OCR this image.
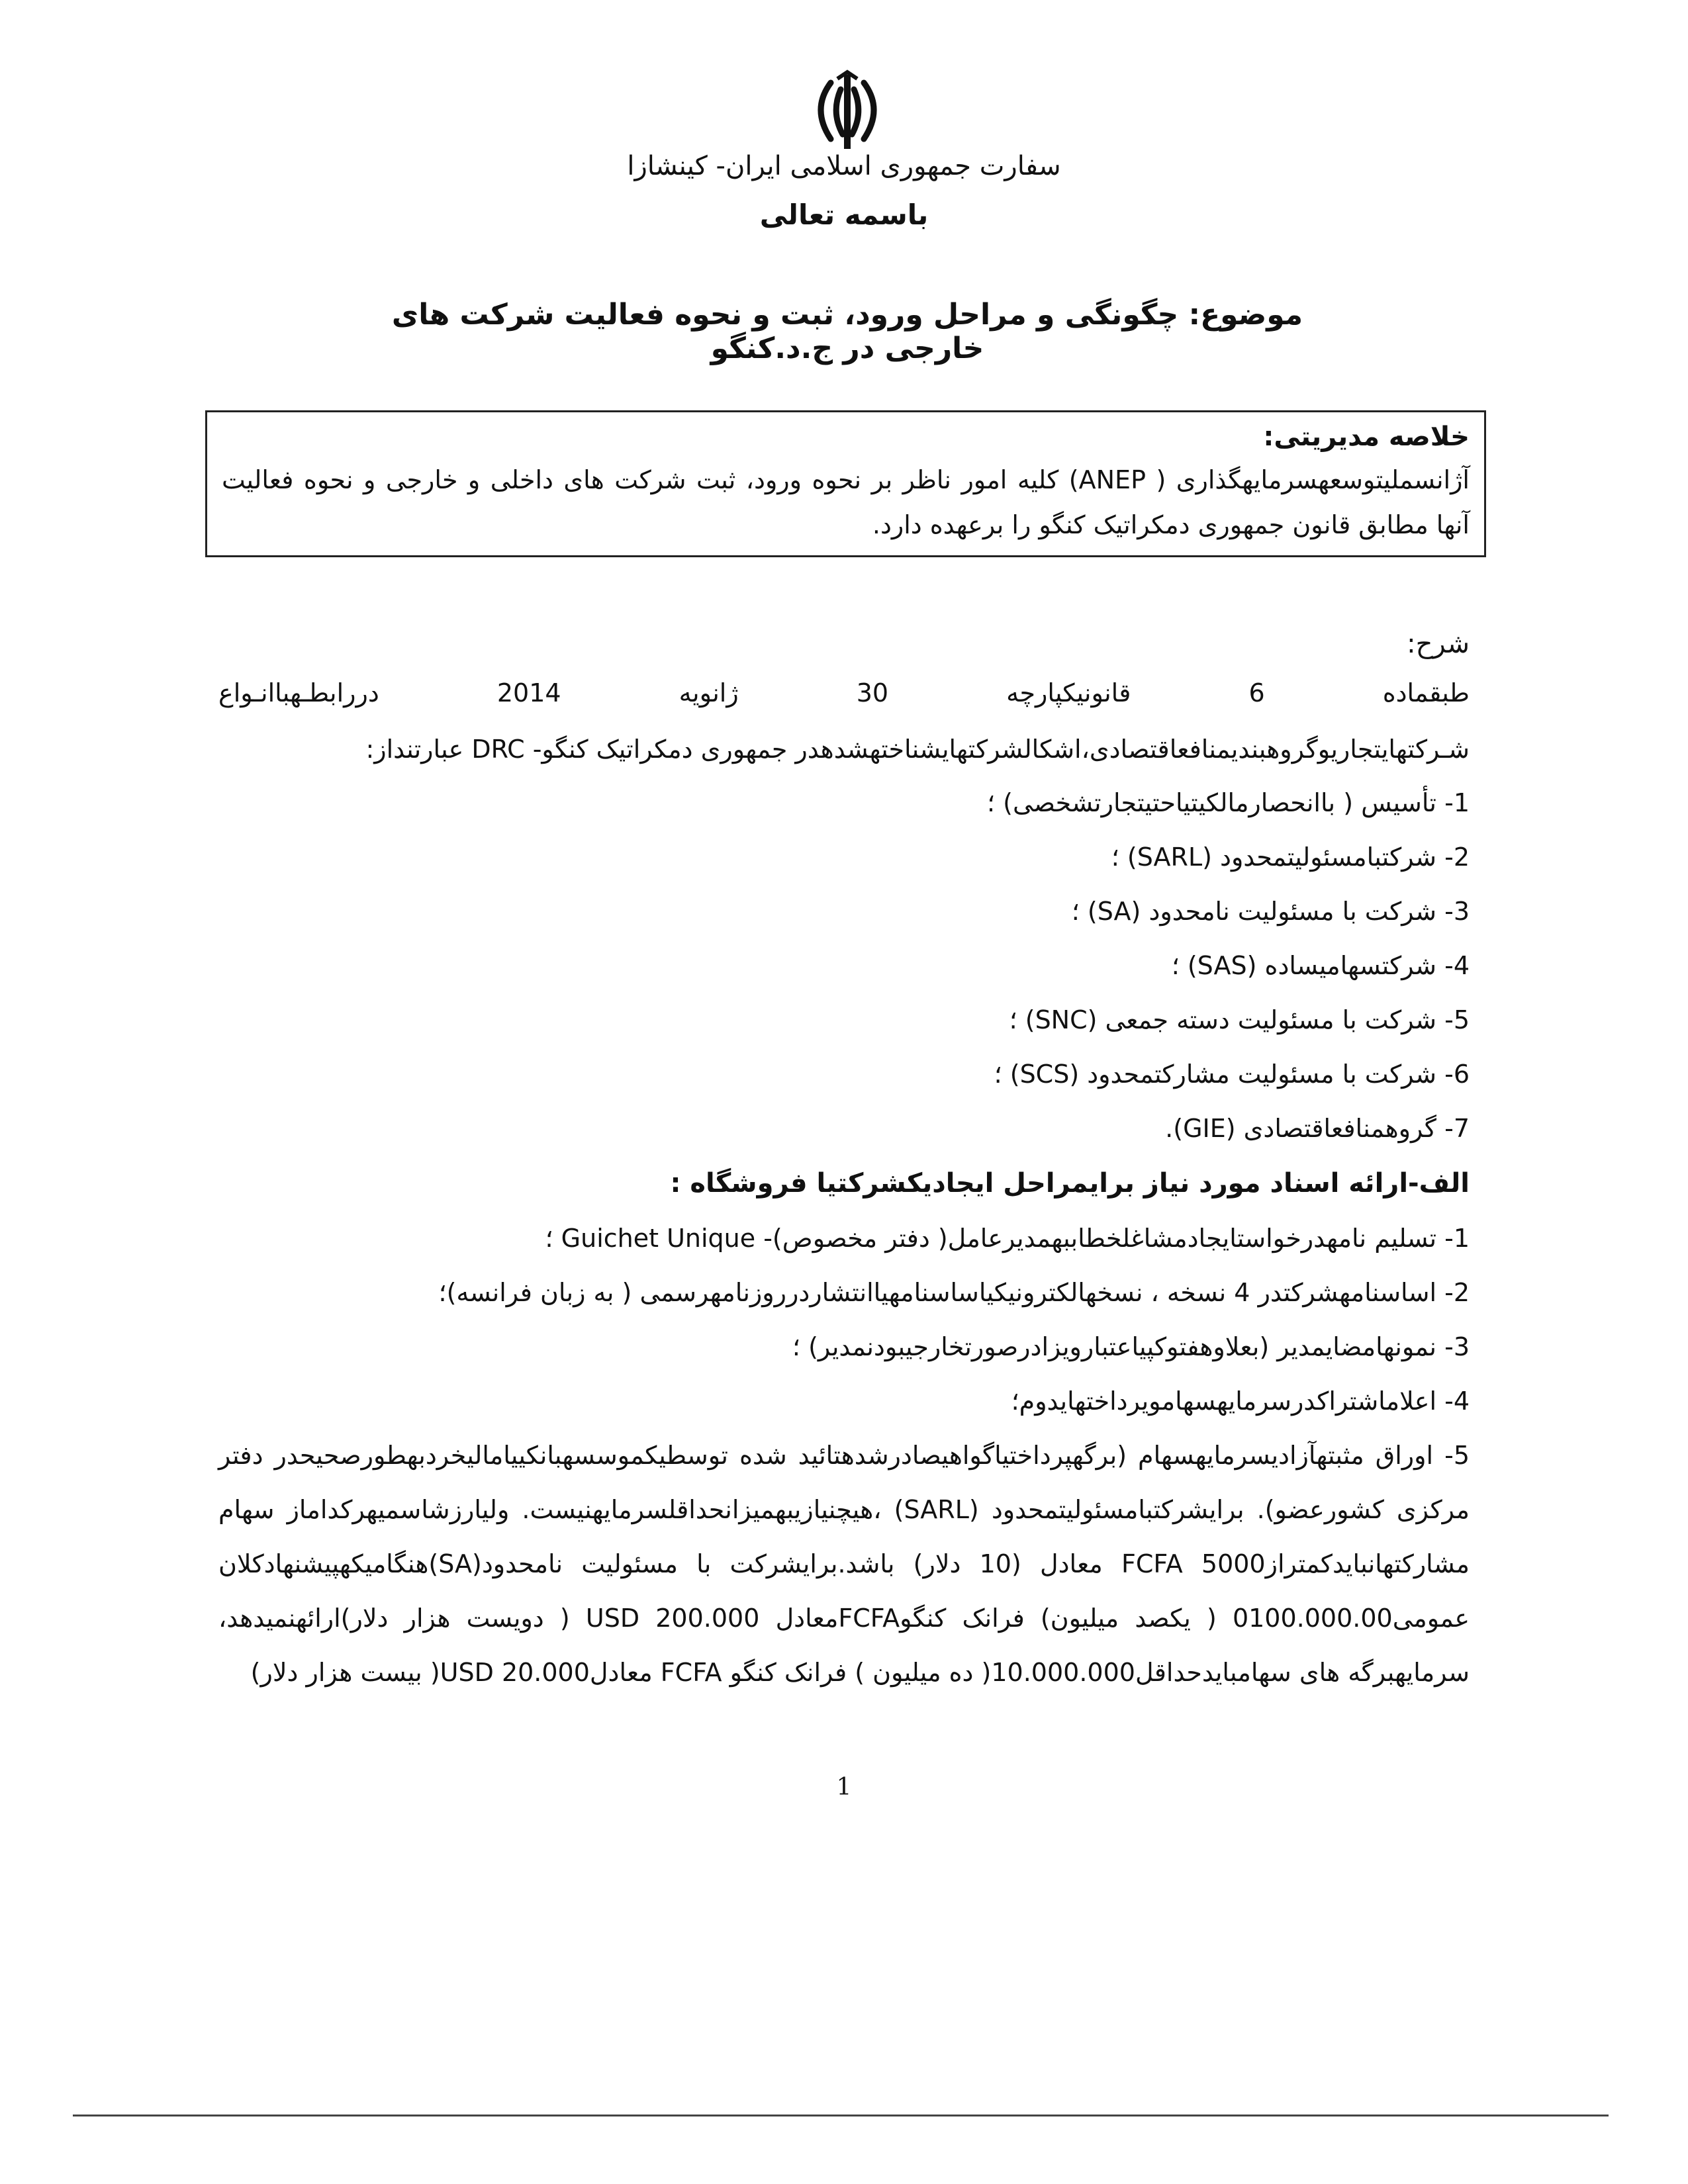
سفارت جمهوری اسلامی ایران- کینشازا
باسمه تعالی
موضوع: چگونگی و مراحل ورود، ثبت و نحوه فعالیت شرکت های خارجی در ج.د.کنگو
خلاصه مدیریتی:
آژانسملیتوسعهسرمایهگذاری ( ANEP) کلیه امور ناظر بر نحوه ورود، ثبت شرکت های داخلی و خارجی و نحوه فعالیت آنها مطابق قانون جمهوری دمکراتیک کنگو را برعهده دارد.
شرح:
طبقماده
6
قانونیکپارچه
30
ژانویه
2014
دررابطـهباانـواع
شـرکتهایتجاریوگروهبندیمنافعاقتصادی،اشکالشرکتهایشناختهشدهدر جمهوری دمکراتیک کنگو- DRC عبارتنداز:
1- تأسیس ( باانحصارمالکیتیاحتیتجارتشخصی) ؛
2- شرکتبامسئولیتمحدود (SARL) ؛
3- شرکت با مسئولیت نامحدود (SA) ؛
4- شرکتسهامیساده (SAS) ؛
5- شرکت با مسئولیت دسته جمعی (SNC) ؛
6- شرکت با مسئولیت مشارکتمحدود (SCS) ؛
7- گروهمنافعاقتصادی (GIE).
الف-ارائه اسناد مورد نیاز برایمراحل ایجادیکشرکتیا فروشگاه :
1- تسلیم نامهدرخواستایجادمشاغلخطاببهمدیرعامل( دفتر مخصوص)- Guichet Unique ؛
2- اساسنامهشرکتدر 4 نسخه ، نسخهالکترونیکیاساسنامهیاانتشاردرروزنامهرسمی ( به زبان فرانسه)؛
3- نمونهامضایمدیر (بعلاوهفتوکپیاعتبارویزادرصورتخارجیبودنمدیر) ؛
4- اعلاماشتراکدرسرمایهسهامویرداختهایدوم؛
5- اوراق مثبتهآزادیسرمایهسهام (برگهپرداختیاگواهیصادرشدهتائید شده توسطیکموسسهبانکییامالیخردبهطورصحیحدر دفتر مرکزی کشورعضو). برایشرکتبامسئولیتمحدود (SARL) ،هیچنیازیبهمیزانحداقلسرمایهنیست. ولیارزشاسمیهرکداماز سهام مشارکتهانبایدکمترازFCFA 5000 معادل (10 دلار) باشد.برایشرکت با مسئولیت نامحدود(SA)هنگامیکهپیشنهادکلان عمومی0100.000.00 ( یکصد میلیون) فرانک کنگوFCFAمعادل USD 200.000 ( دویست هزار دلار)ارائهنمیدهد، سرمایهبرگه های سهامبایدحداقل10.000.000( ده میلیون ) فرانک کنگو FCFA معادلUSD 20.000( بیست هزار دلار)
1
